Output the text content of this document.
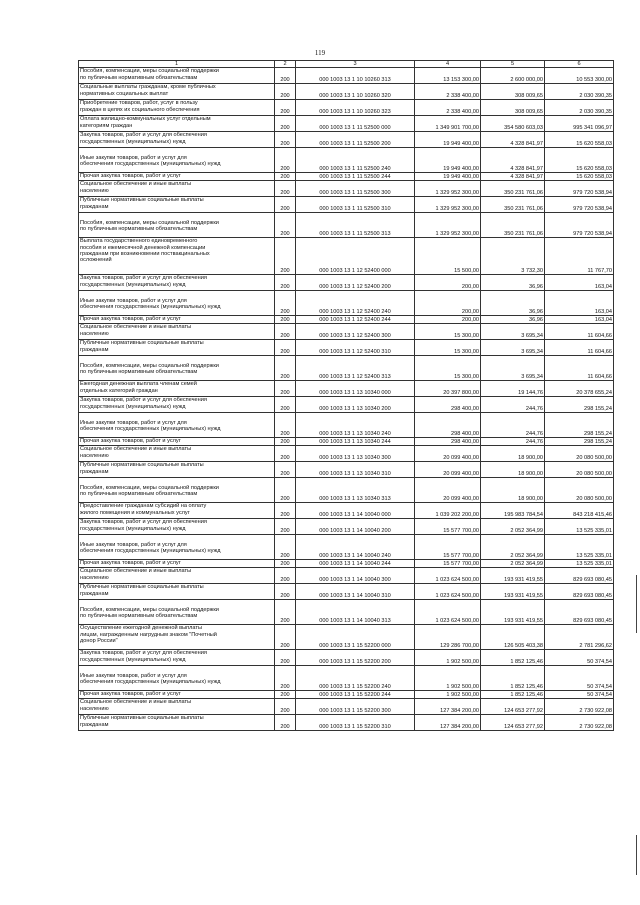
119
1	2	3	4	5	6
Пособия, компенсации, меры социальной поддержки
по публичным нормативным обязательствам	200	000 1003 13 1 10 10260 313	13 153 300,00	2 600 000,00	10 553 300,00
Социальные выплаты гражданам, кроме публичных
нормативных социальных выплат	200	000 1003 13 1 10 10260 320	2 338 400,00	308 009,65	2 030 390,35
Приобретение товаров, работ, услуг в пользу
граждан в целях их социального обеспечения	200	000 1003 13 1 10 10260 323	2 338 400,00	308 009,65	2 030 390,35
Оплата жилищно-коммунальных услуг отдельным
категориям граждан	200	000 1003 13 1 11 52500 000	1 349 901 700,00	354 580 603,03	995 341 096,97
Закупка товаров, работ и услуг для обеспечения
государственных (муниципальных) нужд	200	000 1003 13 1 11 52500 200	19 949 400,00	4 328 841,97	15 620 558,03

Иные закупки товаров, работ и услуг для
обеспечения государственных (муниципальных) нужд	200	000 1003 13 1 11 52500 240	19 949 400,00	4 328 841,97	15 620 558,03
Прочая закупка товаров, работ и услуг	200	000 1003 13 1 11 52500 244	19 949 400,00	4 328 841,97	15 620 558,03
Социальное обеспечение и иные выплаты
населению	200	000 1003 13 1 11 52500 300	1 329 952 300,00	350 231 761,06	979 720 538,94
Публичные нормативные социальные выплаты
гражданам	200	000 1003 13 1 11 52500 310	1 329 952 300,00	350 231 761,06	979 720 538,94

Пособия, компенсации, меры социальной поддержки
по публичным нормативным обязательствам	200	000 1003 13 1 11 52500 313	1 329 952 300,00	350 231 761,06	979 720 538,94
Выплата государственного единовременного
пособия и ежемесячной денежной компенсации
гражданам при возникновении поствакцинальных
осложнений	200	000 1003 13 1 12 52400 000	15 500,00	3 732,30	11 767,70
Закупка товаров, работ и услуг для обеспечения
государственных (муниципальных) нужд	200	000 1003 13 1 12 52400 200	200,00	36,96	163,04

Иные закупки товаров, работ и услуг для
обеспечения государственных (муниципальных) нужд	200	000 1003 13 1 12 52400 240	200,00	36,96	163,04
Прочая закупка товаров, работ и услуг	200	000 1003 13 1 12 52400 244	200,00	36,96	163,04
Социальное обеспечение и иные выплаты
населению	200	000 1003 13 1 12 52400 300	15 300,00	3 695,34	11 604,66
Публичные нормативные социальные выплаты
гражданам	200	000 1003 13 1 12 52400 310	15 300,00	3 695,34	11 604,66

Пособия, компенсации, меры социальной поддержки
по публичным нормативным обязательствам	200	000 1003 13 1 12 52400 313	15 300,00	3 695,34	11 604,66
Ежегодная денежная выплата членам семей
отдельных категорий граждан	200	000 1003 13 1 13 10340 000	20 397 800,00	19 144,76	20 378 655,24
Закупка товаров, работ и услуг для обеспечения
государственных (муниципальных) нужд	200	000 1003 13 1 13 10340 200	298 400,00	244,76	298 155,24

Иные закупки товаров, работ и услуг для
обеспечения государственных (муниципальных) нужд	200	000 1003 13 1 13 10340 240	298 400,00	244,76	298 155,24
Прочая закупка товаров, работ и услуг	200	000 1003 13 1 13 10340 244	298 400,00	244,76	298 155,24
Социальное обеспечение и иные выплаты
населению	200	000 1003 13 1 13 10340 300	20 099 400,00	18 900,00	20 080 500,00
Публичные нормативные социальные выплаты
гражданам	200	000 1003 13 1 13 10340 310	20 099 400,00	18 900,00	20 080 500,00

Пособия, компенсации, меры социальной поддержки
по публичным нормативным обязательствам	200	000 1003 13 1 13 10340 313	20 099 400,00	18 900,00	20 080 500,00
Предоставление гражданам субсидий на оплату
жилого помещения и коммунальных услуг	200	000 1003 13 1 14 10040 000	1 039 202 200,00	195 983 784,54	843 218 415,46
Закупка товаров, работ и услуг для обеспечения
государственных (муниципальных) нужд	200	000 1003 13 1 14 10040 200	15 577 700,00	2 052 364,99	13 525 335,01

Иные закупки товаров, работ и услуг для
обеспечения государственных (муниципальных) нужд	200	000 1003 13 1 14 10040 240	15 577 700,00	2 052 364,99	13 525 335,01
Прочая закупка товаров, работ и услуг	200	000 1003 13 1 14 10040 244	15 577 700,00	2 052 364,99	13 525 335,01
Социальное обеспечение и иные выплаты
населению	200	000 1003 13 1 14 10040 300	1 023 624 500,00	193 931 419,55	829 693 080,45
Публичные нормативные социальные выплаты
гражданам	200	000 1003 13 1 14 10040 310	1 023 624 500,00	193 931 419,55	829 693 080,45

Пособия, компенсации, меры социальной поддержки
по публичным нормативным обязательствам	200	000 1003 13 1 14 10040 313	1 023 624 500,00	193 931 419,55	829 693 080,45
Осуществление ежегодной денежной выплаты
лицам, награжденным нагрудным знаком "Почетный
донор России"	200	000 1003 13 1 15 52200 000	129 286 700,00	126 505 403,38	2 781 296,62
Закупка товаров, работ и услуг для обеспечения
государственных (муниципальных) нужд	200	000 1003 13 1 15 52200 200	1 902 500,00	1 852 125,46	50 374,54

Иные закупки товаров, работ и услуг для
обеспечения государственных (муниципальных) нужд	200	000 1003 13 1 15 52200 240	1 902 500,00	1 852 125,46	50 374,54
Прочая закупка товаров, работ и услуг	200	000 1003 13 1 15 52200 244	1 902 500,00	1 852 125,46	50 374,54
Социальное обеспечение и иные выплаты
населению	200	000 1003 13 1 15 52200 300	127 384 200,00	124 653 277,92	2 730 922,08
Публичные нормативные социальные выплаты
гражданам	200	000 1003 13 1 15 52200 310	127 384 200,00	124 653 277,92	2 730 922,08
